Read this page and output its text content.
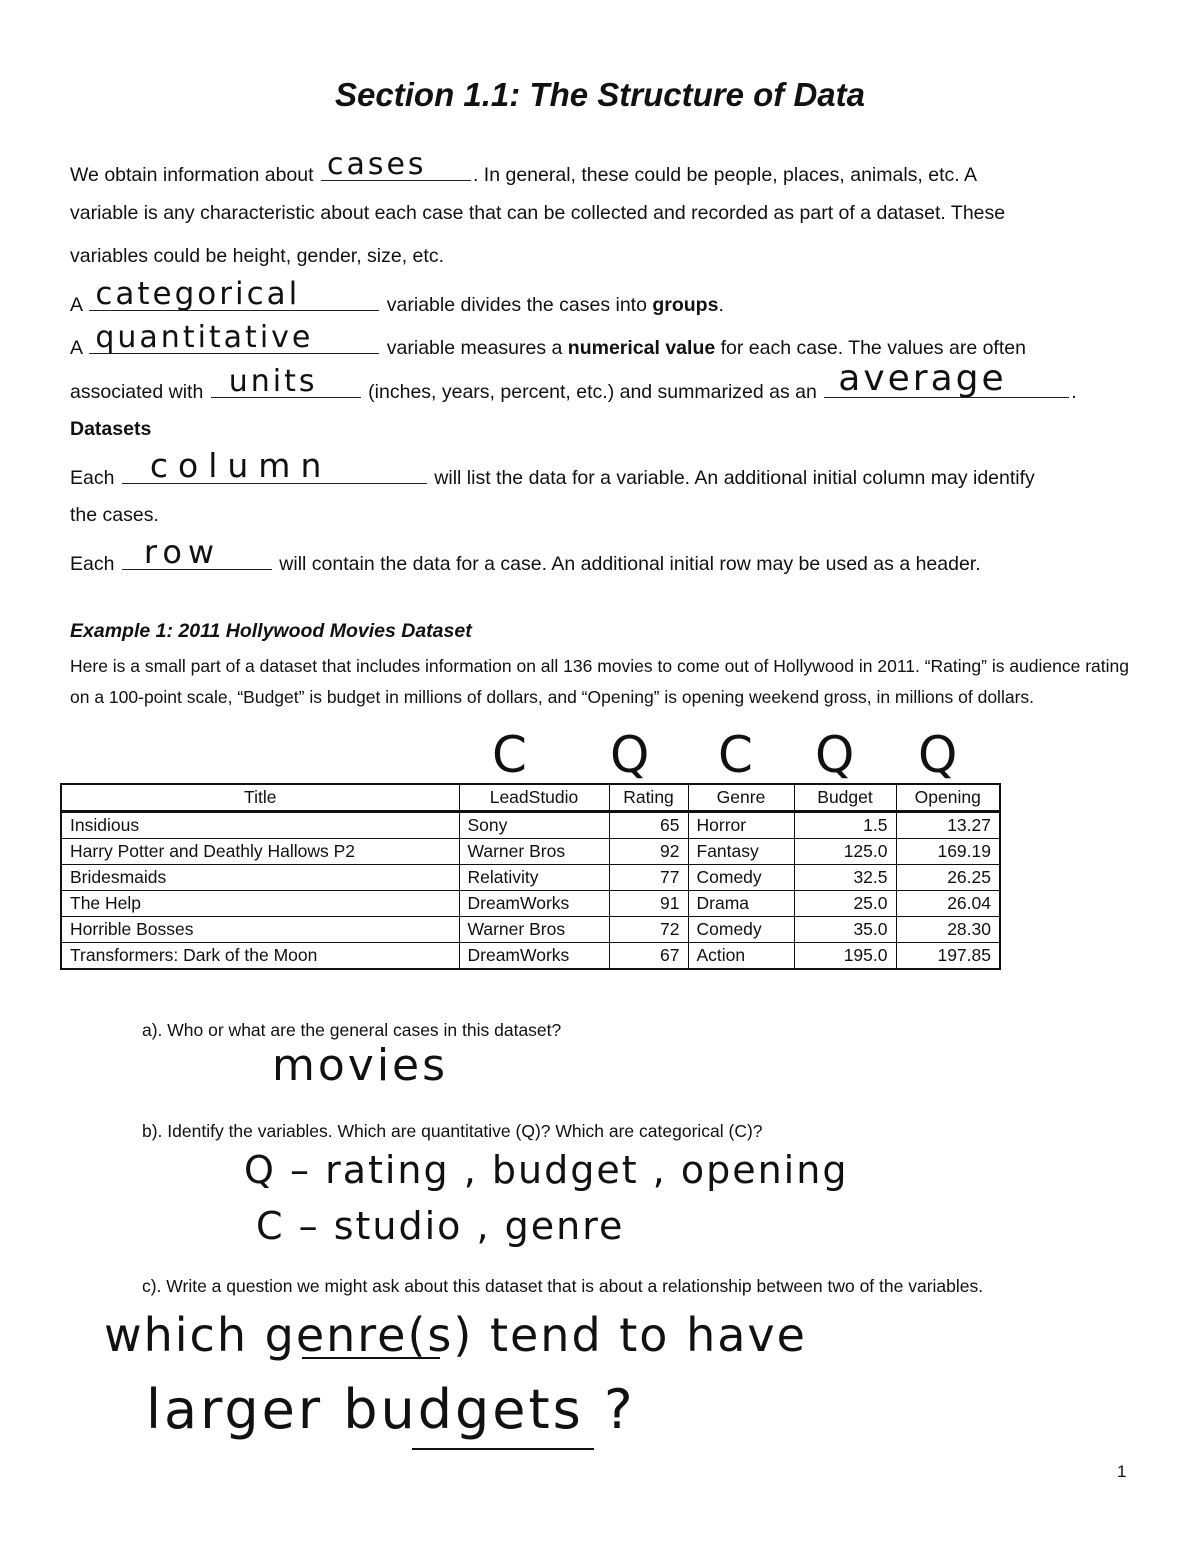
Section 1.1: The Structure of Data
We obtain information about cases . In general, these could be people, places, animals, etc. A
variable is any characteristic about each case that can be collected and recorded as part of a dataset. These
variables could be height, gender, size, etc.
A categorical	variable divides the cases into groups.
A quantitative	variable measures a numerical value for each case. The values are often
associated with units	(inches, years, percent, etc.) and summarized as an average	.
Datasets
Each column	will list the data for a variable. An additional initial column may identify
the cases.
Each row	will contain the data for a case. An additional initial row may be used as a header.
Example 1: 2011 Hollywood Movies Dataset
Here is a small part of a dataset that includes information on all 136 movies to come out of Hollywood in 2011. “Rating” is audience rating on a 100-point scale, “Budget” is budget in millions of dollars, and “Opening” is opening weekend gross, in millions of dollars.
C Q C Q Q
Title	LeadStudio	Rating	Genre	Budget	Opening
Insidious	Sony	65	Horror	1.5	13.27
Harry Potter and Deathly Hallows P2	Warner Bros	92	Fantasy	125.0	169.19
Bridesmaids	Relativity	77	Comedy	32.5	26.25
The Help	DreamWorks	91	Drama	25.0	26.04
Horrible Bosses	Warner Bros	72	Comedy	35.0	28.30
Transformers: Dark of the Moon	DreamWorks	67	Action	195.0	197.85
a). Who or what are the general cases in this dataset?
movies
b). Identify the variables. Which are quantitative (Q)? Which are categorical (C)?
Q – rating , budget , opening
C – studio , genre
c). Write a question we might ask about this dataset that is about a relationship between two of the variables.
which genre(s) tend to have
larger budgets ?
1
